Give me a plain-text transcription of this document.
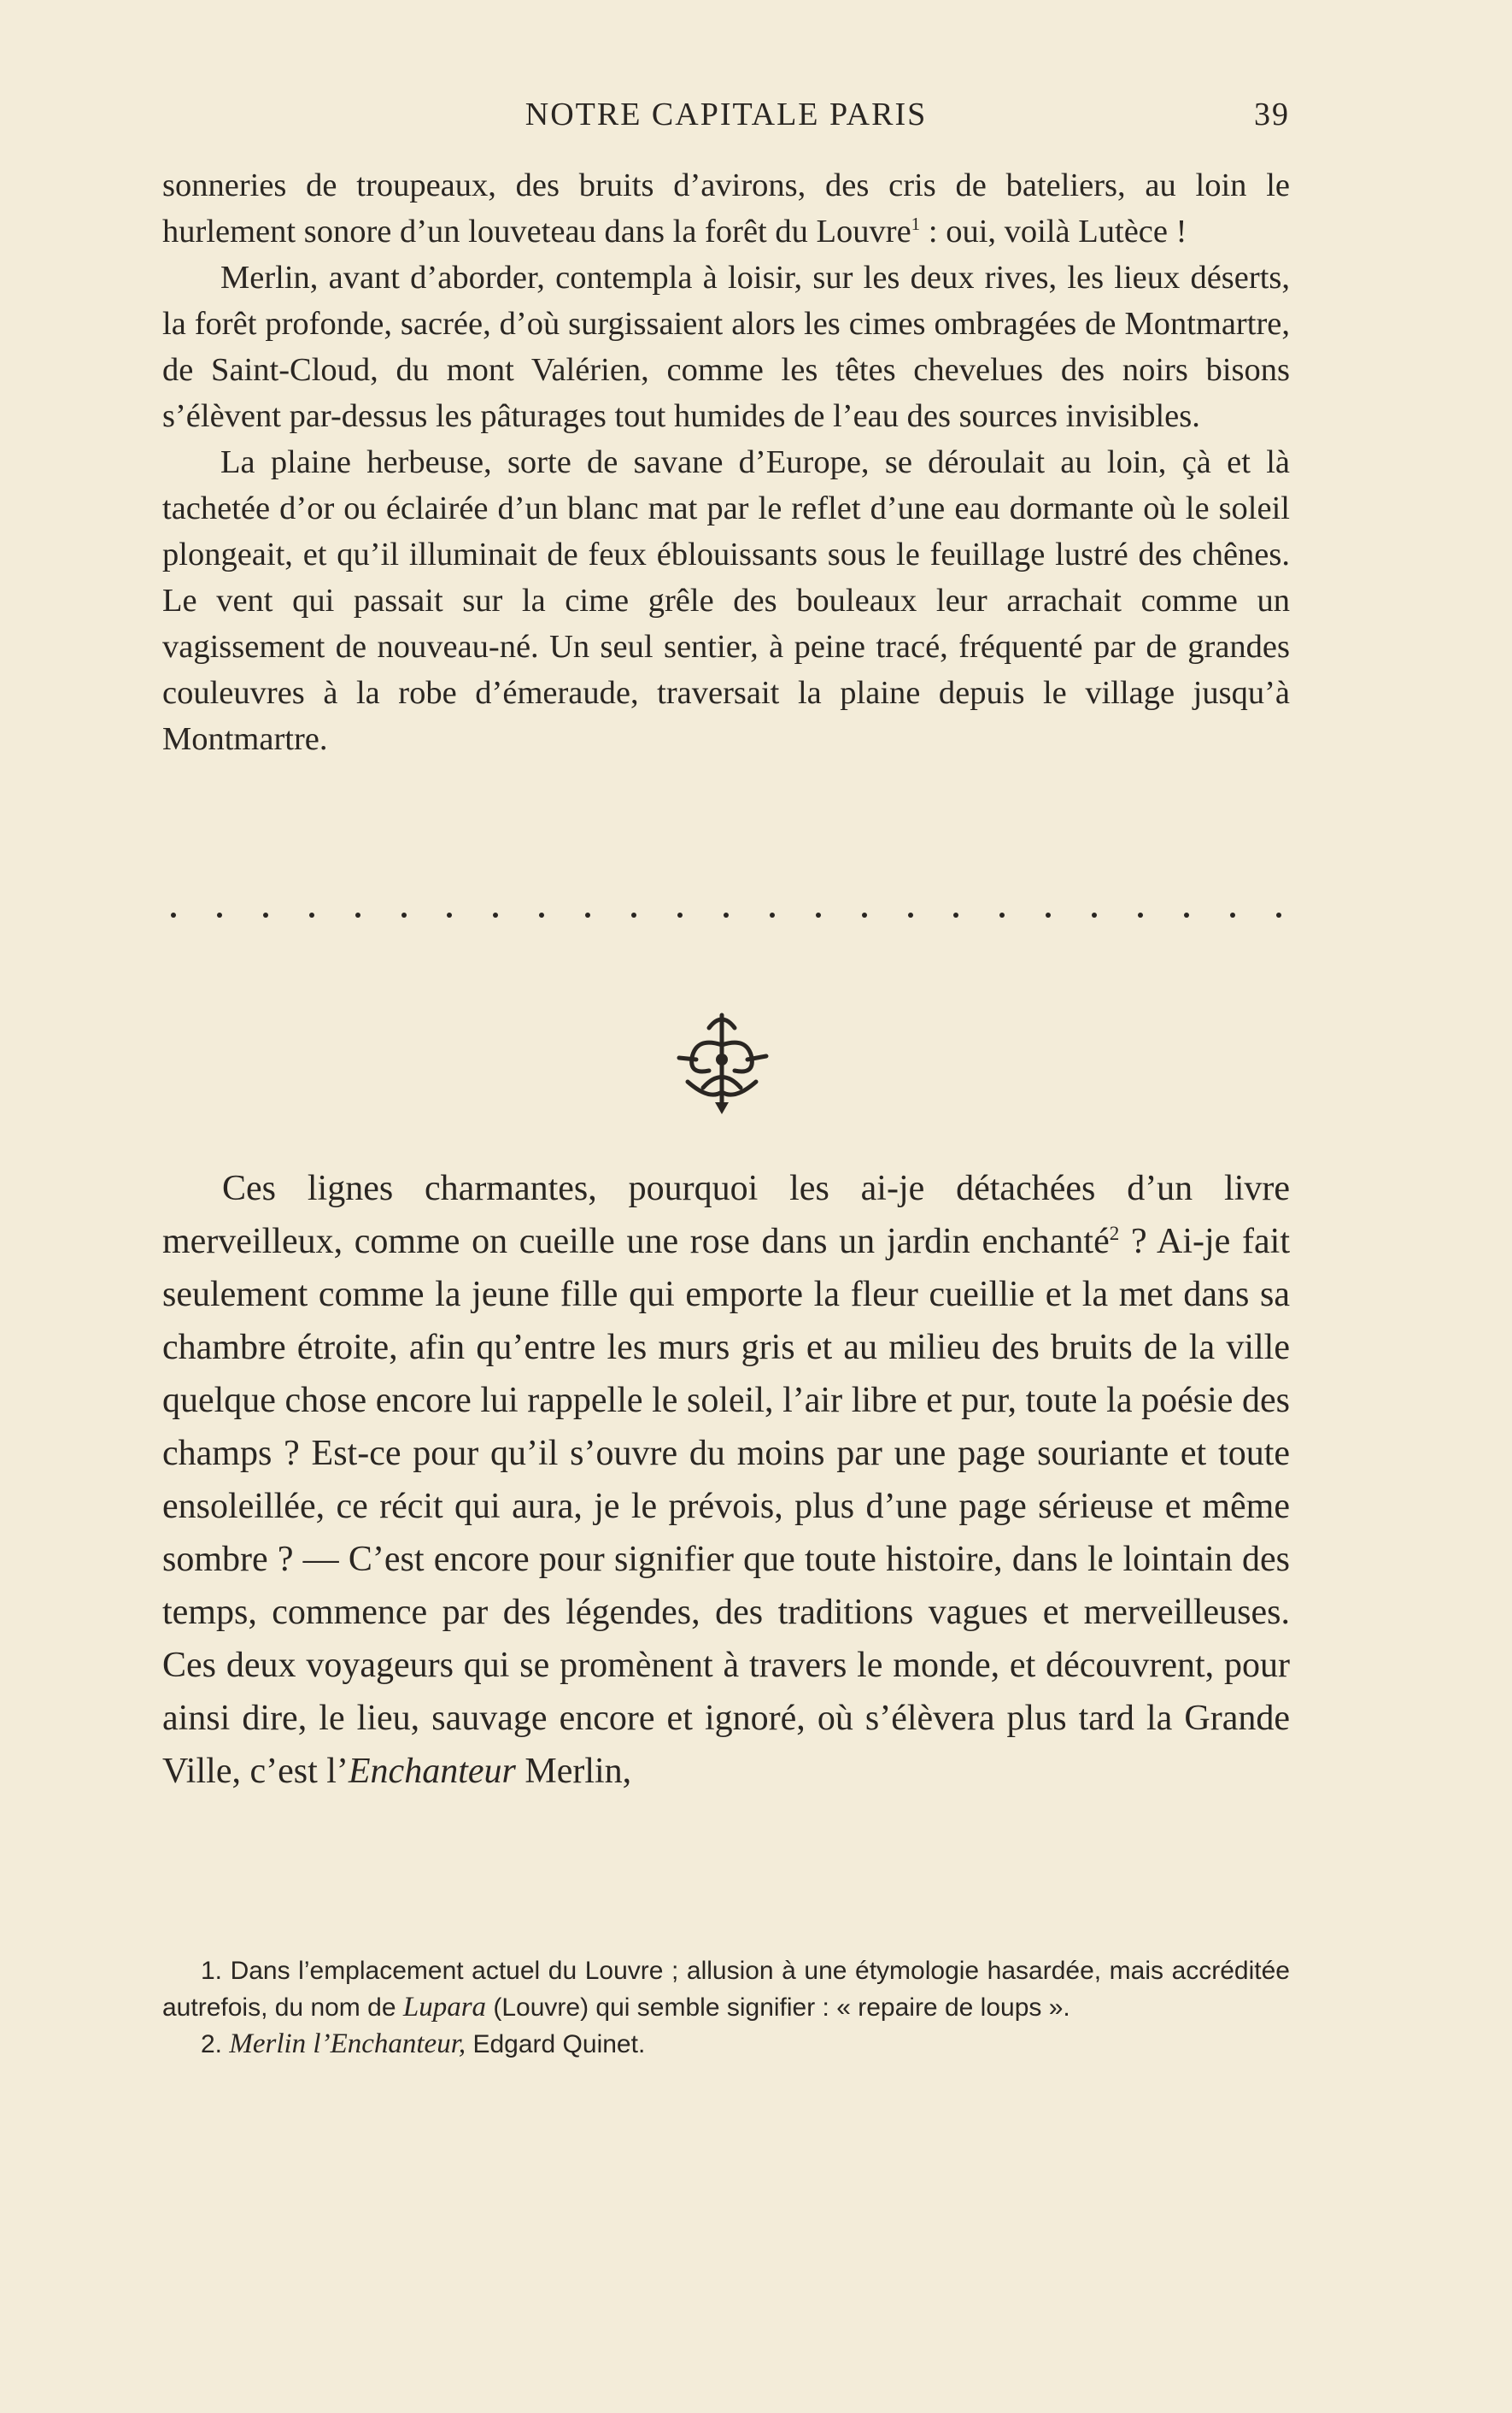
NOTRE CAPITALE PARIS	39

sonneries de troupeaux, des bruits d’avirons, des cris de bateliers, au loin le hurlement sonore d’un louveteau dans la forêt du Louvre$^1$ : oui, voilà Lutèce !

Merlin, avant d’aborder, contempla à loisir, sur les deux rives, les lieux déserts, la forêt profonde, sacrée, d’où surgissaient alors les cimes ombragées de Montmartre, de Saint-Cloud, du mont Valérien, comme les têtes chevelues des noirs bisons s’élèvent par-dessus les pâturages tout humides de l’eau des sources invisibles.

La plaine herbeuse, sorte de savane d’Europe, se déroulait au loin, çà et là tachetée d’or ou éclairée d’un blanc mat par le reflet d’une eau dormante où le soleil plongeait, et qu’il illuminait de feux éblouissants sous le feuillage lustré des chênes. Le vent qui passait sur la cime grêle des bouleaux leur arrachait comme un vagissement de nouveau-né. Un seul sentier, à peine tracé, fréquenté par de grandes couleuvres à la robe d’émeraude, traversait la plaine depuis le village jusqu’à Montmartre.

Ces lignes charmantes, pourquoi les ai-je détachées d’un livre merveilleux, comme on cueille une rose dans un jardin enchanté$^2$ ? Ai-je fait seulement comme la jeune fille qui emporte la fleur cueillie et la met dans sa chambre étroite, afin qu’entre les murs gris et au milieu des bruits de la ville quelque chose encore lui rappelle le soleil, l’air libre et pur, toute la poésie des champs ? Est-ce pour qu’il s’ouvre du moins par une page souriante et toute ensoleillée, ce récit qui aura, je le prévois, plus d’une page sérieuse et même sombre ? — C’est encore pour signifier que toute histoire, dans le lointain des temps, commence par des légendes, des traditions vagues et merveilleuses. Ces deux voyageurs qui se promènent à travers le monde, et découvrent, pour ainsi dire, le lieu, sauvage encore et ignoré, où s’élèvera plus tard la Grande Ville, c’est l’Enchanteur Merlin,

1. Dans l’emplacement actuel du Louvre ; allusion à une étymologie hasardée, mais accréditée autrefois, du nom de Lupara (Louvre) qui semble signifier : « repaire de loups ».

2. Merlin l’Enchanteur, Edgard Quinet.
